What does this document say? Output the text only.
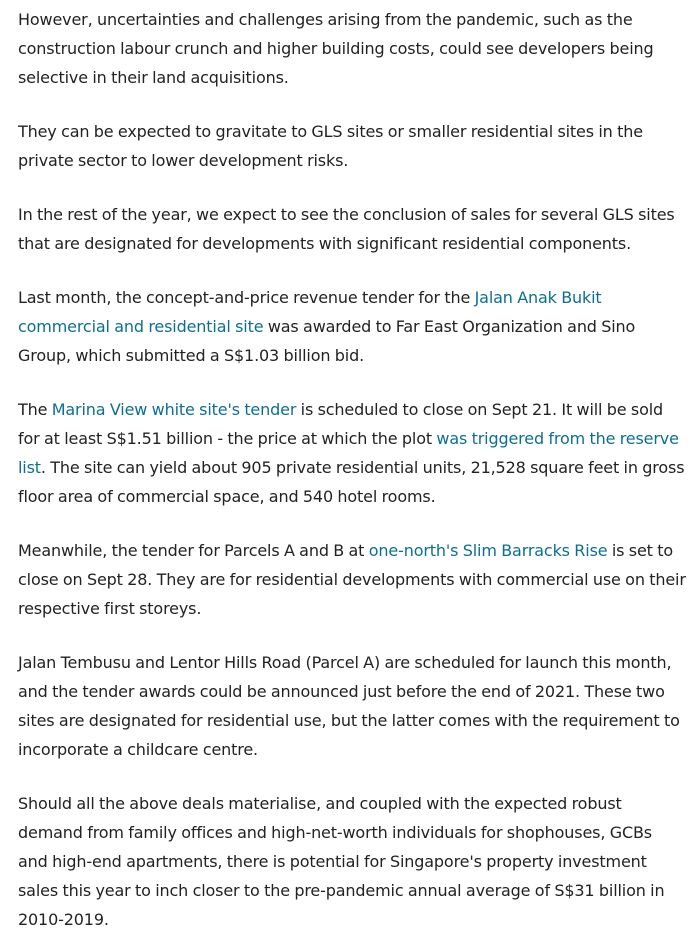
However, uncertainties and challenges arising from the pandemic, such as the construction labour crunch and higher building costs, could see developers being selective in their land acquisitions.

They can be expected to gravitate to GLS sites or smaller residential sites in the private sector to lower development risks.

In the rest of the year, we expect to see the conclusion of sales for several GLS sites that are designated for developments with significant residential components.

Last month, the concept-and-price revenue tender for the Jalan Anak Bukit commercial and residential site was awarded to Far East Organization and Sino Group, which submitted a S$1.03 billion bid.

The Marina View white site's tender is scheduled to close on Sept 21. It will be sold for at least S$1.51 billion - the price at which the plot was triggered from the reserve list. The site can yield about 905 private residential units, 21,528 square feet in gross floor area of commercial space, and 540 hotel rooms.

Meanwhile, the tender for Parcels A and B at one-north's Slim Barracks Rise is set to close on Sept 28. They are for residential developments with commercial use on their respective first storeys.

Jalan Tembusu and Lentor Hills Road (Parcel A) are scheduled for launch this month, and the tender awards could be announced just before the end of 2021. These two sites are designated for residential use, but the latter comes with the requirement to incorporate a childcare centre.

Should all the above deals materialise, and coupled with the expected robust demand from family offices and high-net-worth individuals for shophouses, GCBs and high-end apartments, there is potential for Singapore's property investment sales this year to inch closer to the pre-pandemic annual average of S$31 billion in 2010-2019.
